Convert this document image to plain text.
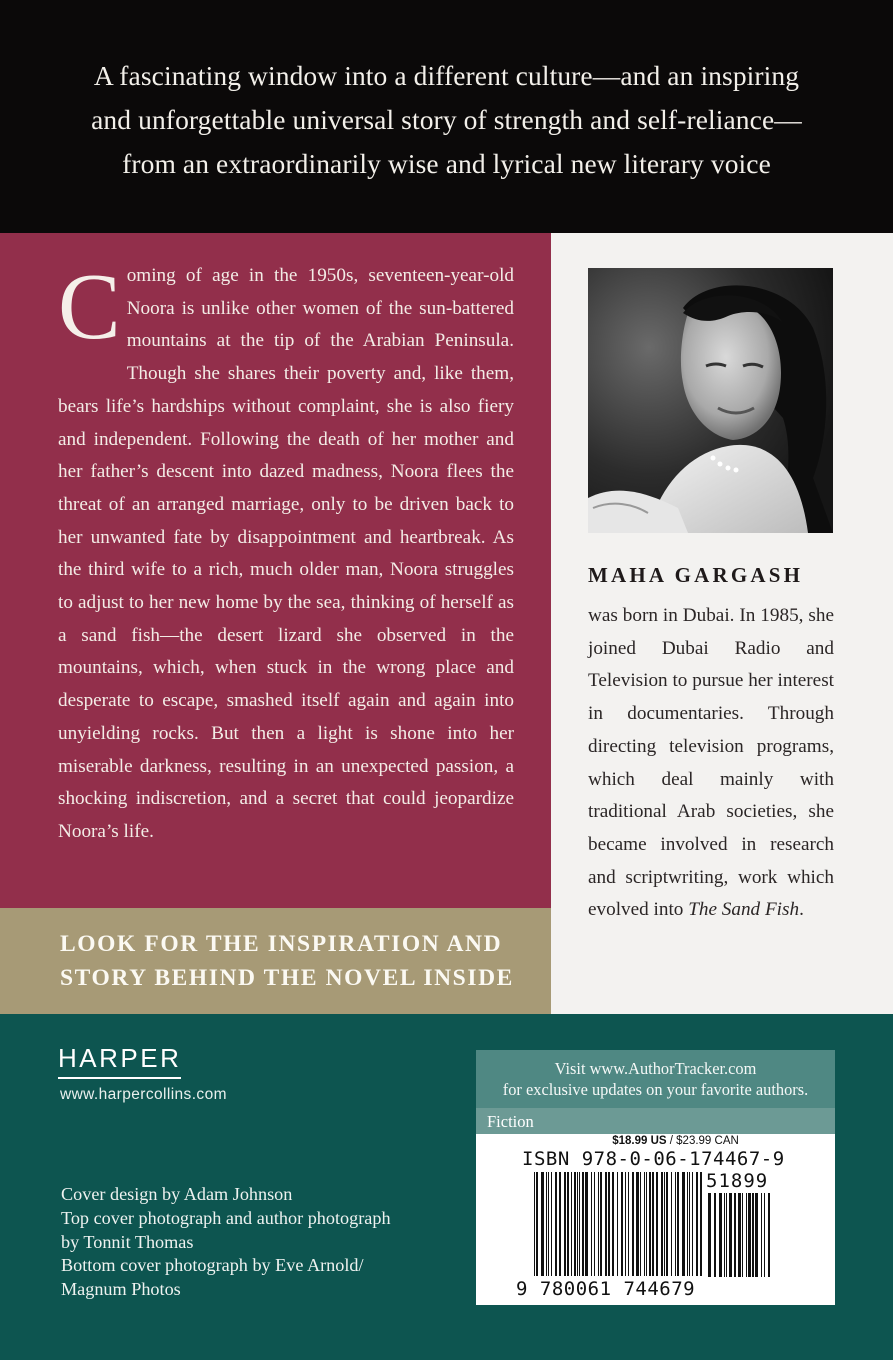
A fascinating window into a different culture—and an inspiring
and unforgettable universal story of strength and self-reliance—
from an extraordinarily wise and lyrical new literary voice
Coming of age in the 1950s, seventeen-year-old Noora is unlike other women of the sun-battered mountains at the tip of the Arabian Peninsula. Though she shares their poverty and, like them, bears life’s hardships without complaint, she is also fiery and independent. Following the death of her mother and her father’s descent into dazed madness, Noora flees the threat of an arranged marriage, only to be driven back to her unwanted fate by disappointment and heartbreak. As the third wife to a rich, much older man, Noora struggles to adjust to her new home by the sea, thinking of herself as a sand fish—the desert lizard she observed in the mountains, which, when stuck in the wrong place and desperate to escape, smashed itself again and again into unyielding rocks. But then a light is shone into her miserable darkness, resulting in an unexpected passion, a shocking indiscretion, and a secret that could jeopardize Noora’s life.
LOOK FOR THE INSPIRATION AND
STORY BEHIND THE NOVEL INSIDE
MAHA GARGASH
was born in Dubai. In 1985, she joined Dubai Radio and Television to pursue her interest in documentaries. Through directing television programs, which deal mainly with traditional Arab societies, she became involved in research and scriptwriting, work which evolved into The Sand Fish.
HARPER
www.harpercollins.com
Cover design by Adam Johnson
Top cover photograph and author photograph
by Tonnit Thomas
Bottom cover photograph by Eve Arnold/
Magnum Photos
Visit www.AuthorTracker.com
for exclusive updates on your favorite authors.
Fiction
$18.99 US / $23.99 CAN
ISBN 978-0-06-174467-9
51899
9 780061 744679
